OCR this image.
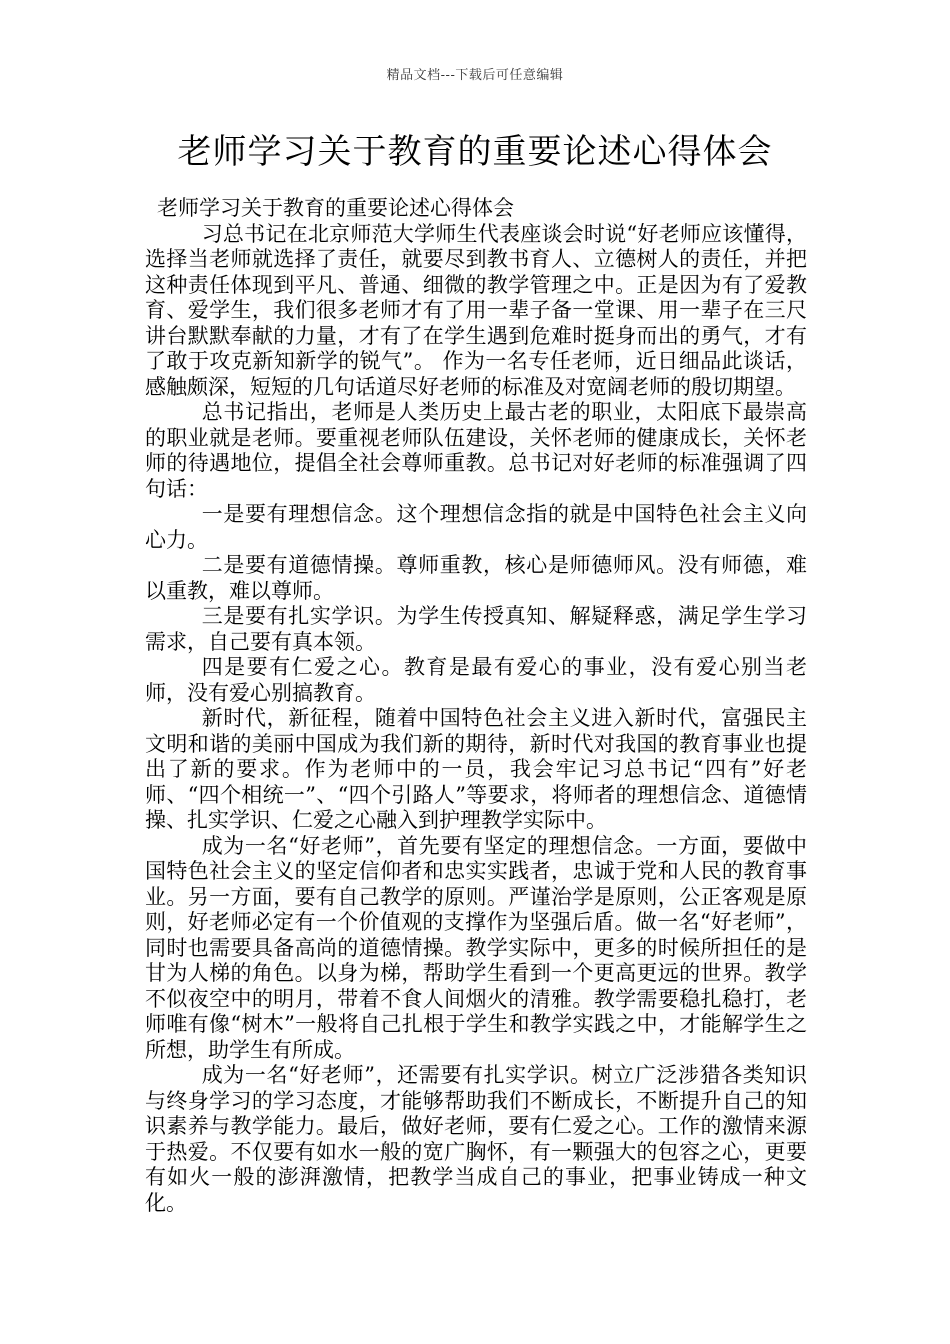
精品文档---下载后可任意编辑
老师学习关于教育的重要论述心得体会

老师学习关于教育的重要论述心得体会

习总书记在北京师范大学师生代表座谈会时说“好老师应该懂得，选择当老师就选择了责任，就要尽到教书育人、立德树人的责任，并把这种责任体现到平凡、普通、细微的教学管理之中。正是因为有了爱教育、爱学生，我们很多老师才有了用一辈子备一堂课、用一辈子在三尺讲台默默奉献的力量，才有了在学生遇到危难时挺身而出的勇气，才有了敢于攻克新知新学的锐气”。 作为一名专任老师，近日细品此谈话，感触颇深，短短的几句话道尽好老师的标准及对宽阔老师的殷切期望。

总书记指出，老师是人类历史上最古老的职业，太阳底下最崇高的职业就是老师。要重视老师队伍建设，关怀老师的健康成长，关怀老师的待遇地位，提倡全社会尊师重教。总书记对好老师的标准强调了四句话：

一是要有理想信念。这个理想信念指的就是中国特色社会主义向心力。

二是要有道德情操。尊师重教，核心是师德师风。没有师德，难以重教，难以尊师。

三是要有扎实学识。为学生传授真知、解疑释惑，满足学生学习需求，自己要有真本领。

四是要有仁爱之心。教育是最有爱心的事业，没有爱心别当老师，没有爱心别搞教育。

新时代，新征程，随着中国特色社会主义进入新时代，富强民主文明和谐的美丽中国成为我们新的期待，新时代对我国的教育事业也提出了新的要求。作为老师中的一员，我会牢记习总书记“四有”好老师、“四个相统一”、“四个引路人”等要求，将师者的理想信念、道德情操、扎实学识、仁爱之心融入到护理教学实际中。

成为一名“好老师”，首先要有坚定的理想信念。一方面，要做中国特色社会主义的坚定信仰者和忠实实践者，忠诚于党和人民的教育事业。另一方面，要有自己教学的原则。严谨治学是原则，公正客观是原则，好老师必定有一个价值观的支撑作为坚强后盾。做一名“好老师”，同时也需要具备高尚的道德情操。教学实际中，更多的时候所担任的是甘为人梯的角色。以身为梯，帮助学生看到一个更高更远的世界。教学不似夜空中的明月，带着不食人间烟火的清雅。教学需要稳扎稳打，老师唯有像“树木”一般将自己扎根于学生和教学实践之中，才能解学生之所想，助学生有所成。

成为一名“好老师”，还需要有扎实学识。树立广泛涉猎各类知识与终身学习的学习态度，才能够帮助我们不断成长，不断提升自己的知识素养与教学能力。最后，做好老师，要有仁爱之心。工作的激情来源于热爱。不仅要有如水一般的宽广胸怀，有一颗强大的包容之心，更要有如火一般的澎湃激情，把教学当成自己的事业，把事业铸成一种文化。
